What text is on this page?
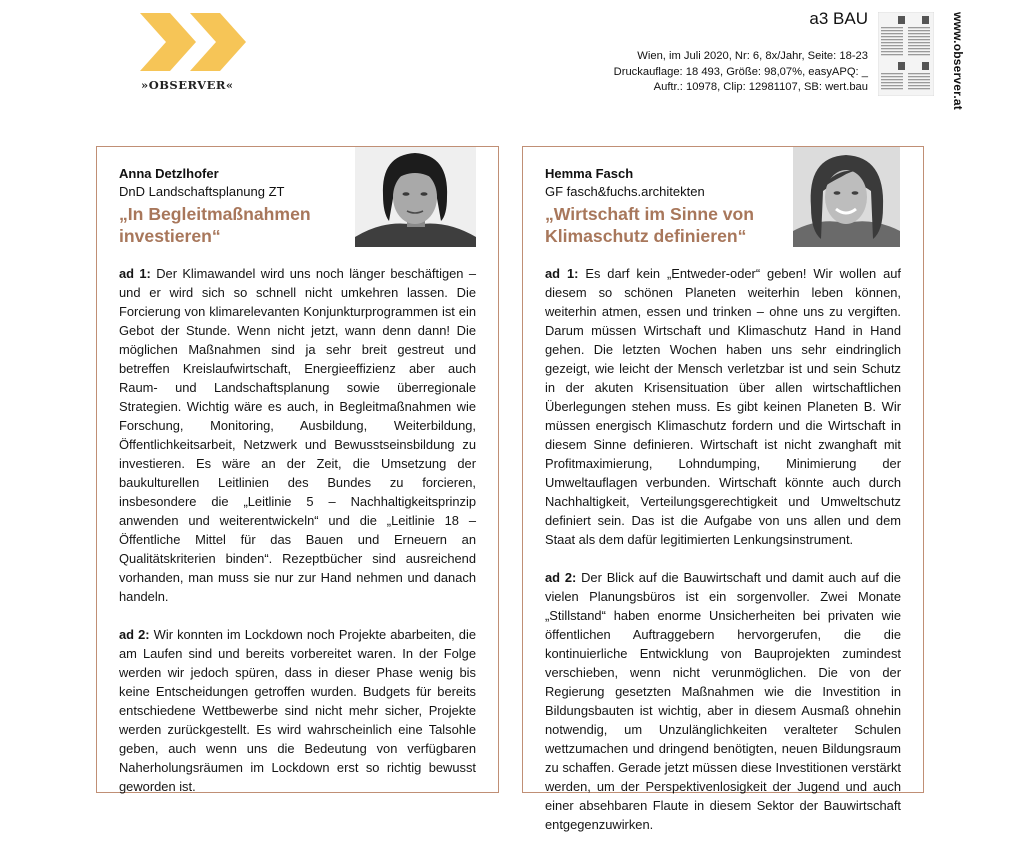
»OBSERVER«
a3 BAU
Wien, im Juli 2020, Nr: 6, 8x/Jahr, Seite: 18-23
Druckauflage: 18 493, Größe: 98,07%, easyAPQ: _
Auftr.: 10978, Clip: 12981107, SB: wert.bau	www.observer.at
Anna Detzlhofer
DnD Landschaftsplanung ZT
„In Begleitmaßnahmen
investieren“

ad 1: Der Klimawandel wird uns noch länger beschäftigen – und er wird sich so schnell nicht umkehren lassen. Die Forcierung von klimarelevanten Konjunkturprogrammen ist ein Gebot der Stunde. Wenn nicht jetzt, wann denn dann! Die möglichen Maßnahmen sind ja sehr breit gestreut und betreffen Kreislaufwirtschaft, Energieeffizienz aber auch Raum- und Landschaftsplanung sowie überregionale Strategien. Wichtig wäre es auch, in Begleitmaßnahmen wie Forschung, Monitoring, Ausbildung, Weiterbildung, Öffentlichkeitsarbeit, Netzwerk und Bewusstseinsbildung zu investieren. Es wäre an der Zeit, die Umsetzung der baukulturellen Leitlinien des Bundes zu forcieren, insbesondere die „Leitlinie 5 – Nachhaltigkeitsprinzip anwenden und weiterentwickeln“ und die „Leitlinie 18 – Öffentliche Mittel für das Bauen und Erneuern an Qualitätskriterien binden“. Rezeptbücher sind ausreichend vorhanden, man muss sie nur zur Hand nehmen und danach handeln.

ad 2: Wir konnten im Lockdown noch Projekte abarbeiten, die am Laufen sind und bereits vorbereitet waren. In der Folge werden wir jedoch spüren, dass in dieser Phase wenig bis keine Entscheidungen getroffen wurden. Budgets für bereits entschiedene Wettbewerbe sind nicht mehr sicher, Projekte werden zurückgestellt. Es wird wahrscheinlich eine Talsohle geben, auch wenn uns die Bedeutung von verfügbaren Naherholungsräumen im Lockdown erst so richtig bewusst geworden ist.

Hemma Fasch
GF fasch&fuchs.architekten
„Wirtschaft im Sinne von
Klimaschutz definieren“

ad 1: Es darf kein „Entweder-oder“ geben! Wir wollen auf diesem so schönen Planeten weiterhin leben können, weiterhin atmen, essen und trinken – ohne uns zu vergiften. Darum müssen Wirtschaft und Klimaschutz Hand in Hand gehen. Die letzten Wochen haben uns sehr eindringlich gezeigt, wie leicht der Mensch verletzbar ist und sein Schutz in der akuten Krisensituation über allen wirtschaftlichen Überlegungen stehen muss. Es gibt keinen Planeten B. Wir müssen energisch Klimaschutz fordern und die Wirtschaft in diesem Sinne definieren. Wirtschaft ist nicht zwanghaft mit Profitmaximierung, Lohndumping, Minimierung der Umweltauflagen verbunden. Wirtschaft könnte auch durch Nachhaltigkeit, Verteilungsgerechtigkeit und Umweltschutz definiert sein. Das ist die Aufgabe von uns allen und dem Staat als dem dafür legitimierten Lenkungsinstrument.

ad 2: Der Blick auf die Bauwirtschaft und damit auch auf die vielen Planungsbüros ist ein sorgenvoller. Zwei Monate „Stillstand“ haben enorme Unsicherheiten bei privaten wie öffentlichen Auftraggebern hervorgerufen, die die kontinuierliche Entwicklung von Bauprojekten zumindest verschieben, wenn nicht verunmöglichen. Die von der Regierung gesetzten Maßnahmen wie die Investition in Bildungsbauten ist wichtig, aber in diesem Ausmaß ohnehin notwendig, um Unzulänglichkeiten veralteter Schulen wettzumachen und dringend benötigten, neuen Bildungsraum zu schaffen. Gerade jetzt müssen diese Investitionen verstärkt werden, um der Perspektivenlosigkeit der Jugend und auch einer absehbaren Flaute in diesem Sektor der Bauwirtschaft entgegenzuwirken.
